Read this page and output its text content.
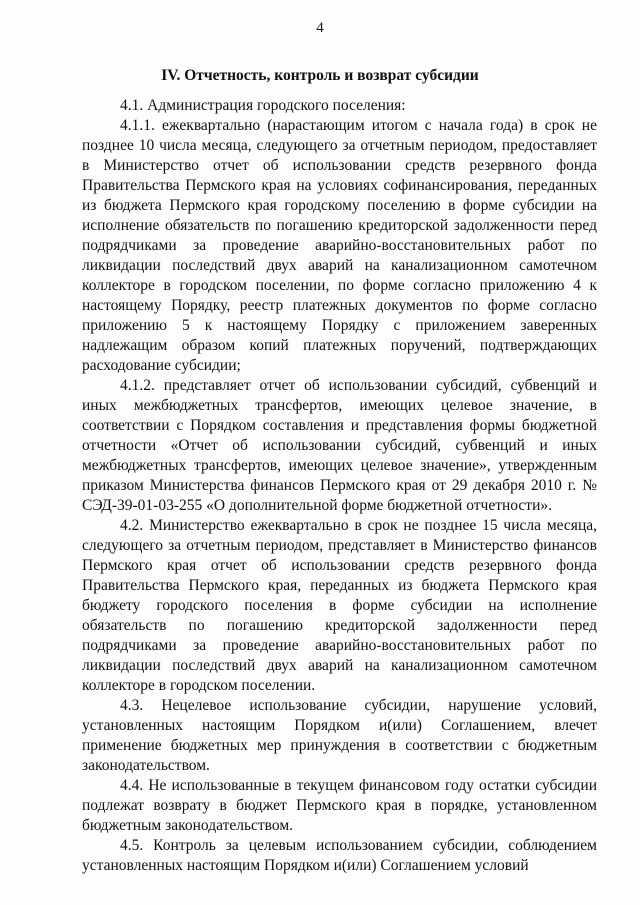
4
IV. Отчетность, контроль и возврат субсидии

4.1. Администрация городского поселения:

4.1.1. ежеквартально (нарастающим итогом с начала года) в срок не позднее 10 числа месяца, следующего за отчетным периодом, предоставляет в Министерство отчет об использовании средств резервного фонда Правительства Пермского края на условиях софинансирования, переданных из бюджета Пермского края городскому поселению в форме субсидии на исполнение обязательств по погашению кредиторской задолженности перед подрядчиками за проведение аварийно-восстановительных работ по ликвидации последствий двух аварий на канализационном самотечном коллекторе в городском поселении, по форме согласно приложению 4 к настоящему Порядку, реестр платежных документов по форме согласно приложению 5 к настоящему Порядку с приложением заверенных надлежащим образом копий платежных поручений, подтверждающих расходование субсидии;

4.1.2. представляет отчет об использовании субсидий, субвенций и иных межбюджетных трансфертов, имеющих целевое значение, в соответствии с Порядком составления и представления формы бюджетной отчетности «Отчет об использовании субсидий, субвенций и иных межбюджетных трансфертов, имеющих целевое значение», утвержденным приказом Министерства финансов Пермского края от 29 декабря 2010 г. № СЭД-39-01-03-255 «О дополнительной форме бюджетной отчетности».

4.2. Министерство ежеквартально в срок не позднее 15 числа месяца, следующего за отчетным периодом, представляет в Министерство финансов Пермского края отчет об использовании средств резервного фонда Правительства Пермского края, переданных из бюджета Пермского края бюджету городского поселения в форме субсидии на исполнение обязательств по погашению кредиторской задолженности перед подрядчиками за проведение аварийно-восстановительных работ по ликвидации последствий двух аварий на канализационном самотечном коллекторе в городском поселении.

4.3. Нецелевое использование субсидии, нарушение условий, установленных настоящим Порядком и(или) Соглашением, влечет применение бюджетных мер принуждения в соответствии с бюджетным законодательством.

4.4. Не использованные в текущем финансовом году остатки субсидии подлежат возврату в бюджет Пермского края в порядке, установленном бюджетным законодательством.

4.5. Контроль за целевым использованием субсидии, соблюдением установленных настоящим Порядком и(или) Соглашением условий
